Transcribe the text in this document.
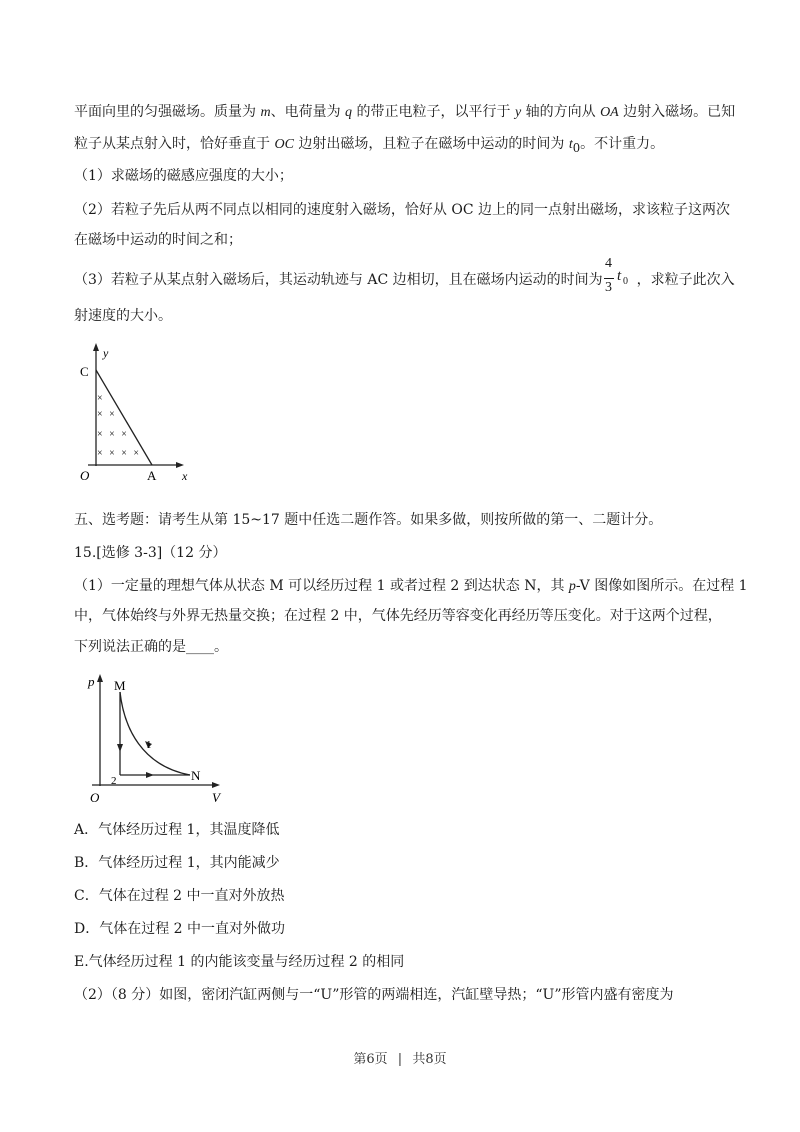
平面向里的匀强磁场。质量为 m、电荷量为 q 的带正电粒子，以平行于 y 轴的方向从 OA 边射入磁场。已知
粒子从某点射入时，恰好垂直于 OC 边射出磁场，且粒子在磁场中运动的时间为 $t_0$。不计重力。
（1）求磁场的磁感应强度的大小；
（2）若粒子先后从两不同点以相同的速度射入磁场，恰好从 OC 边上的同一点射出磁场，求该粒子这两次
在磁场中运动的时间之和；
（3）若粒子从某点射入磁场后，其运动轨迹与 AC 边相切，且在磁场内运动的时间为 ，求粒子此次入
4
3
t 0
射速度的大小。
y
C
O	A x
×
× ×
× × ×
× × × ×
五、选考题：请考生从第 15~17 题中任选二题作答。如果多做，则按所做的第一、二题计分。
15.[选修 3-3]（12 分）
（1）一定量的理想气体从状态 M 可以经历过程 1 或者过程 2 到达状态 N，其 p-V 图像如图所示。在过程 1
中，气体始终与外界无热量交换；在过程 2 中，气体先经历等容变化再经历等压变化。对于这两个过程，
下列说法正确的是____。
p M
1
2	N
O	V
A．气体经历过程 1，其温度降低
B．气体经历过程 1，其内能减少
C．气体在过程 2 中一直对外放热
D．气体在过程 2 中一直对外做功
E.气体经历过程 1 的内能该变量与经历过程 2 的相同
（2）（8 分）如图，密闭汽缸两侧与一“U”形管的两端相连，汽缸壁导热；“U”形管内盛有密度为
第6页 | 共8页
